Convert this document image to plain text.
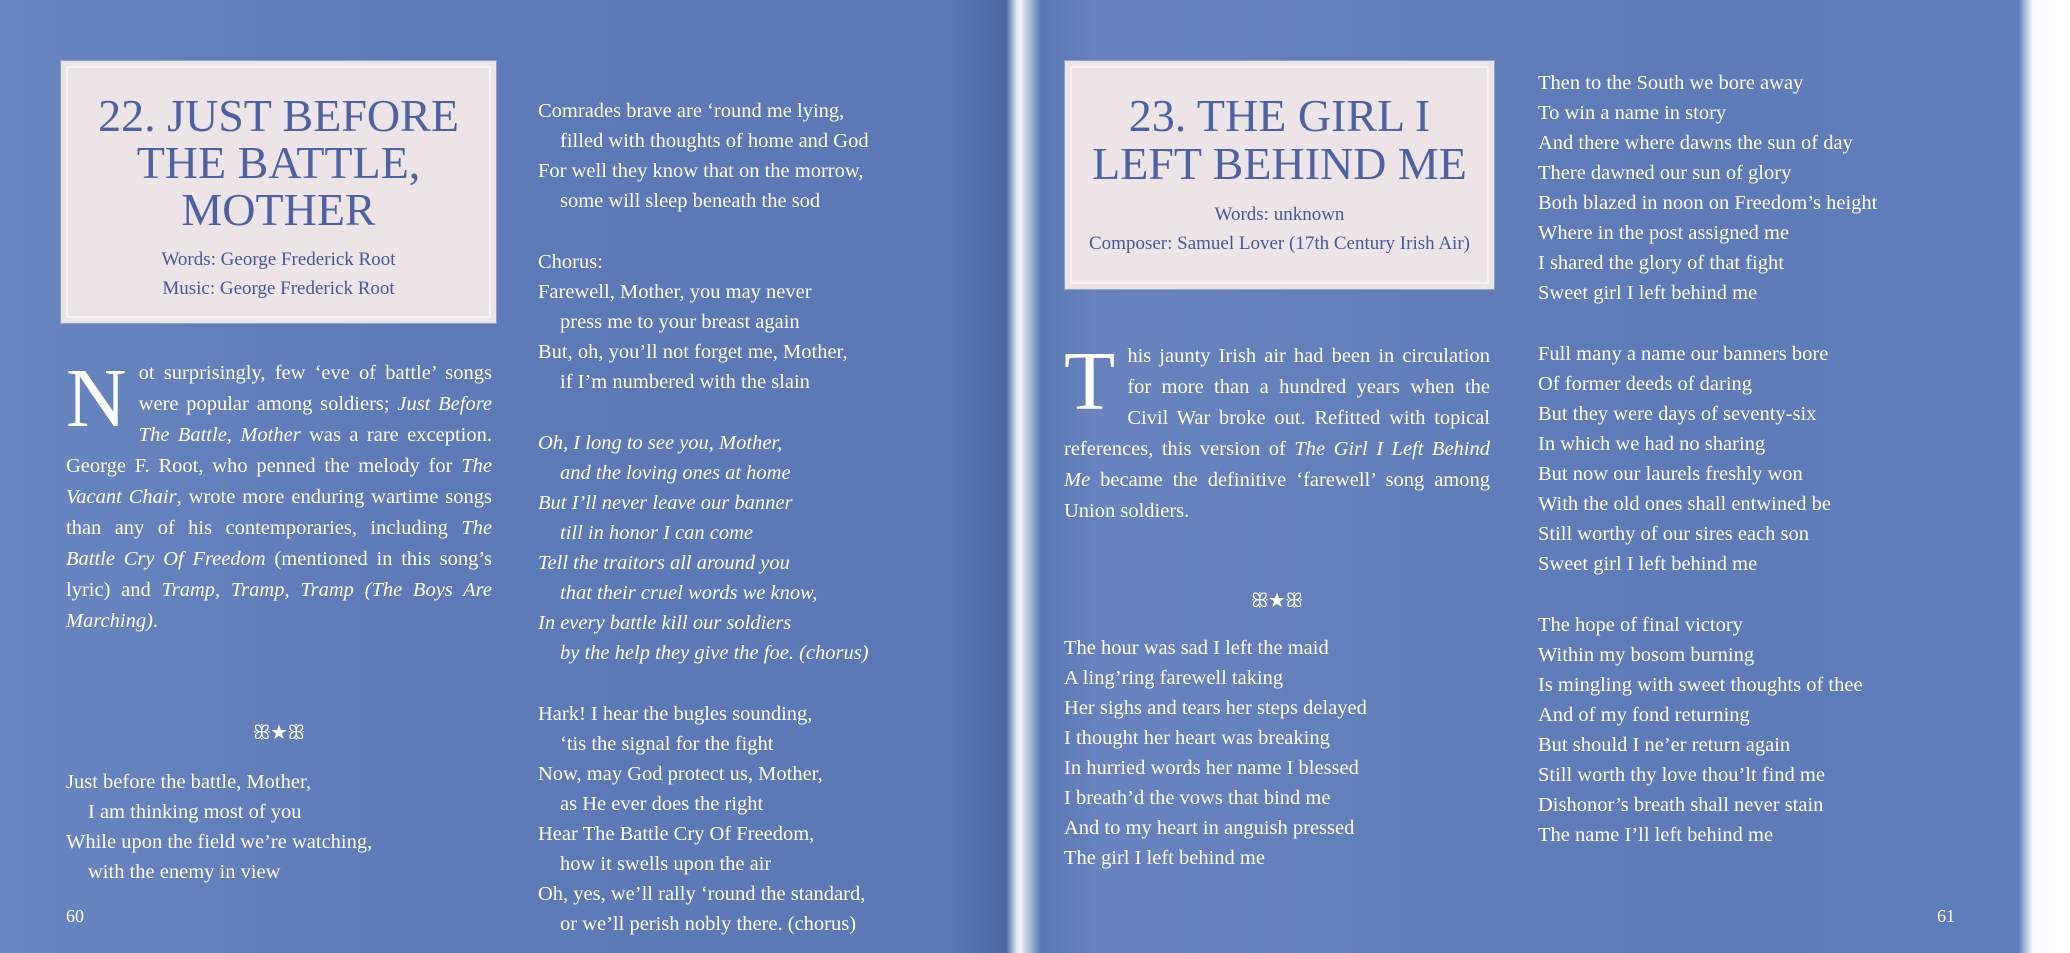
22. JUST BEFORE
THE BATTLE,
MOTHER
Words: George Frederick Root
Music: George Frederick Root
Not surprisingly, few ‘eve of battle’ songs were popular among soldiers; Just Before The Battle, Mother was a rare exception. George F. Root, who penned the melody for The Vacant Chair, wrote more enduring wartime songs than any of his contemporaries, including The Battle Cry Of Freedom (mentioned in this song’s lyric) and Tramp, Tramp, Tramp (The Boys Are Marching).
ꕥ★ꕥ
Just before the battle, Mother,
I am thinking most of you
While upon the field we’re watching,
with the enemy in view
Comrades brave are ‘round me lying,
filled with thoughts of home and God
For well they know that on the morrow,
some will sleep beneath the sod
Chorus:
Farewell, Mother, you may never
press me to your breast again
But, oh, you’ll not forget me, Mother,
if I’m numbered with the slain
Oh, I long to see you, Mother,
and the loving ones at home
But I’ll never leave our banner
till in honor I can come
Tell the traitors all around you
that their cruel words we know,
In every battle kill our soldiers
by the help they give the foe. (chorus)
Hark! I hear the bugles sounding,
‘tis the signal for the fight
Now, may God protect us, Mother,
as He ever does the right
Hear The Battle Cry Of Freedom,
how it swells upon the air
Oh, yes, we’ll rally ‘round the standard,
or we’ll perish nobly there. (chorus)
60
23. THE GIRL I
LEFT BEHIND ME
Words: unknown
Composer: Samuel Lover (17th Century Irish Air)
This jaunty Irish air had been in circulation for more than a hundred years when the Civil War broke out. Refitted with topical references, this version of The Girl I Left Behind Me became the definitive ‘farewell’ song among Union soldiers.
ꕥ★ꕥ
The hour was sad I left the maid
A ling’ring farewell taking
Her sighs and tears her steps delayed
I thought her heart was breaking
In hurried words her name I blessed
I breath’d the vows that bind me
And to my heart in anguish pressed
The girl I left behind me
Then to the South we bore away
To win a name in story
And there where dawns the sun of day
There dawned our sun of glory
Both blazed in noon on Freedom’s height
Where in the post assigned me
I shared the glory of that fight
Sweet girl I left behind me
Full many a name our banners bore
Of former deeds of daring
But they were days of seventy-six
In which we had no sharing
But now our laurels freshly won
With the old ones shall entwined be
Still worthy of our sires each son
Sweet girl I left behind me
The hope of final victory
Within my bosom burning
Is mingling with sweet thoughts of thee
And of my fond returning
But should I ne’er return again
Still worth thy love thou’lt find me
Dishonor’s breath shall never stain
The name I’ll left behind me
61
